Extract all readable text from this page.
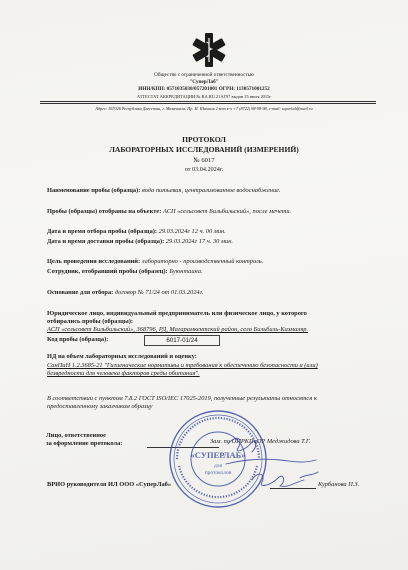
Общество с ограниченной ответственностью
"СуперЛаб"
ИНН/КПП: 0571035030/057201001 ОГРН: 1130571001252
АТТЕСТАТ АККРЕДИТАЦИИ № RA.RU.21АГ97 выдан 15 июля 2015г
Адрес: 367026 Республика Дагестан, г. Махачкала, Пр. И. Шамиля 2 кот к-ч +7 (8722) 98-98-98, e-mail: superlab@mail.ru
ПРОТОКОЛ
ЛАБОРАТОРНЫХ ИССЛЕДОВАНИЙ (ИЗМЕРЕНИЙ)
№ 6017
от 03.04.2024г.
Наименование пробы (образца): вода питьевая, централизованное водоснабжение.
Пробы (образцы) отобраны на объекте: АСП «сельсовет Бильбильский», после мечети.
Дата и время отбора пробы (образца): 29.03.2024г 12 ч. 00 мин.
Дата и время доставки пробы (образца): 29.03.2024г 17 ч. 30 мин.
Цель проведения исследований: лабораторно - производственный контроль.
Сотрудник, отобравший пробы (образец): Буюнтаина.
Основание для отбора: договор № 71/24 от 01.03.2024г.
Юридическое лицо, индивидуальный предприниматель или физическое лицо, у которого
отбирались пробы (образцы):
АСП «сельсовет Бильбильский», 368796, РД, Магарамкентский район, село Бильбиль-Казмаляр.
Код пробы (образца):	6017-01/24
НД на объем лабораторных исследований и оценку:
СанПиН 1.2.3685-21 "Гигиенические нормативы и требования к обеспечению безопасности и (или)
безвредности для человека факторов среды обитания".
В соответствии с пунктом 7.8.2 ГОСТ ISO/IEC 17025-2019, полученные результаты относятся к
предоставленному заказчиком образцу
Лицо, ответственное
за оформление протокола:	Зам. по ОПРКПиОР Меджидова Т.Г.
ВРИО руководителя ИЛ ООО «СуперЛаб»	Курбанова П.З.
«СУПЕРЛАБ»
для
протоколов
